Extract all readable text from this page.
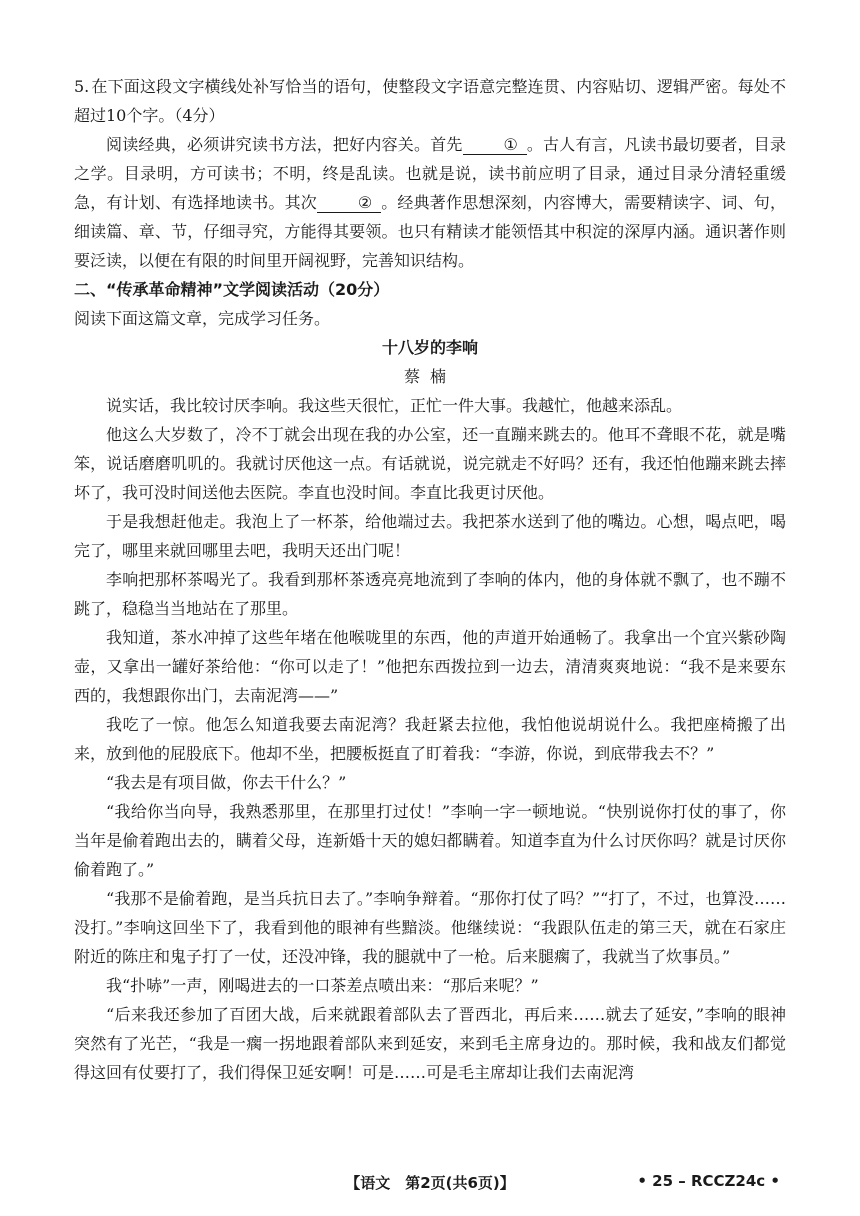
5. 在下面这段文字横线处补写恰当的语句，使整段文字语意完整连贯、内容贴切、逻辑严密。每处不超过10个字。（4分）

阅读经典，必须讲究读书方法，把好内容关。首先	① 。古人有言，凡读书最切要者，目录之学。目录明，方可读书；不明，终是乱读。也就是说，读书前应明了目录，通过目录分清轻重缓急，有计划、有选择地读书。其次	② 。经典著作思想深刻，内容博大，需要精读字、词、句，细读篇、章、节，仔细寻究，方能得其要领。也只有精读才能领悟其中积淀的深厚内涵。通识著作则要泛读，以便在有限的时间里开阔视野，完善知识结构。

二、“传承革命精神”文学阅读活动（20分）

阅读下面这篇文章，完成学习任务。

十八岁的李响

蔡楠

说实话，我比较讨厌李响。我这些天很忙，正忙一件大事。我越忙，他越来添乱。

他这么大岁数了，冷不丁就会出现在我的办公室，还一直蹦来跳去的。他耳不聋眼不花，就是嘴笨，说话磨磨叽叽的。我就讨厌他这一点。有话就说，说完就走不好吗？还有，我还怕他蹦来跳去摔坏了，我可没时间送他去医院。李直也没时间。李直比我更讨厌他。

于是我想赶他走。我泡上了一杯茶，给他端过去。我把茶水送到了他的嘴边。心想，喝点吧，喝完了，哪里来就回哪里去吧，我明天还出门呢！

李响把那杯茶喝光了。我看到那杯茶透亮亮地流到了李响的体内，他的身体就不飘了，也不蹦不跳了，稳稳当当地站在了那里。

我知道，茶水冲掉了这些年堵在他喉咙里的东西，他的声道开始通畅了。我拿出一个宜兴紫砂陶壶，又拿出一罐好茶给他：“你可以走了！”他把东西拨拉到一边去，清清爽爽地说：“我不是来要东西的，我想跟你出门，去南泥湾——”

我吃了一惊。他怎么知道我要去南泥湾？我赶紧去拉他，我怕他说胡说什么。我把座椅搬了出来，放到他的屁股底下。他却不坐，把腰板挺直了盯着我：“李游，你说，到底带我去不？”

“我去是有项目做，你去干什么？”

“我给你当向导，我熟悉那里，在那里打过仗！”李响一字一顿地说。“快别说你打仗的事了，你当年是偷着跑出去的，瞒着父母，连新婚十天的媳妇都瞒着。知道李直为什么讨厌你吗？就是讨厌你偷着跑了。”

“我那不是偷着跑，是当兵抗日去了。”李响争辩着。“那你打仗了吗？”“打了，不过，也算没……没打。”李响这回坐下了，我看到他的眼神有些黯淡。他继续说：“我跟队伍走的第三天，就在石家庄附近的陈庄和鬼子打了一仗，还没冲锋，我的腿就中了一枪。后来腿瘸了，我就当了炊事员。”

我“扑哧”一声，刚喝进去的一口茶差点喷出来：“那后来呢？”

“后来我还参加了百团大战，后来就跟着部队去了晋西北，再后来……就去了延安，”李响的眼神突然有了光芒，“我是一瘸一拐地跟着部队来到延安，来到毛主席身边的。那时候，我和战友们都觉得这回有仗要打了，我们得保卫延安啊！可是……可是毛主席却让我们去南泥湾

【语文　第2页(共6页)】	• 25 – RCCZ24c •
